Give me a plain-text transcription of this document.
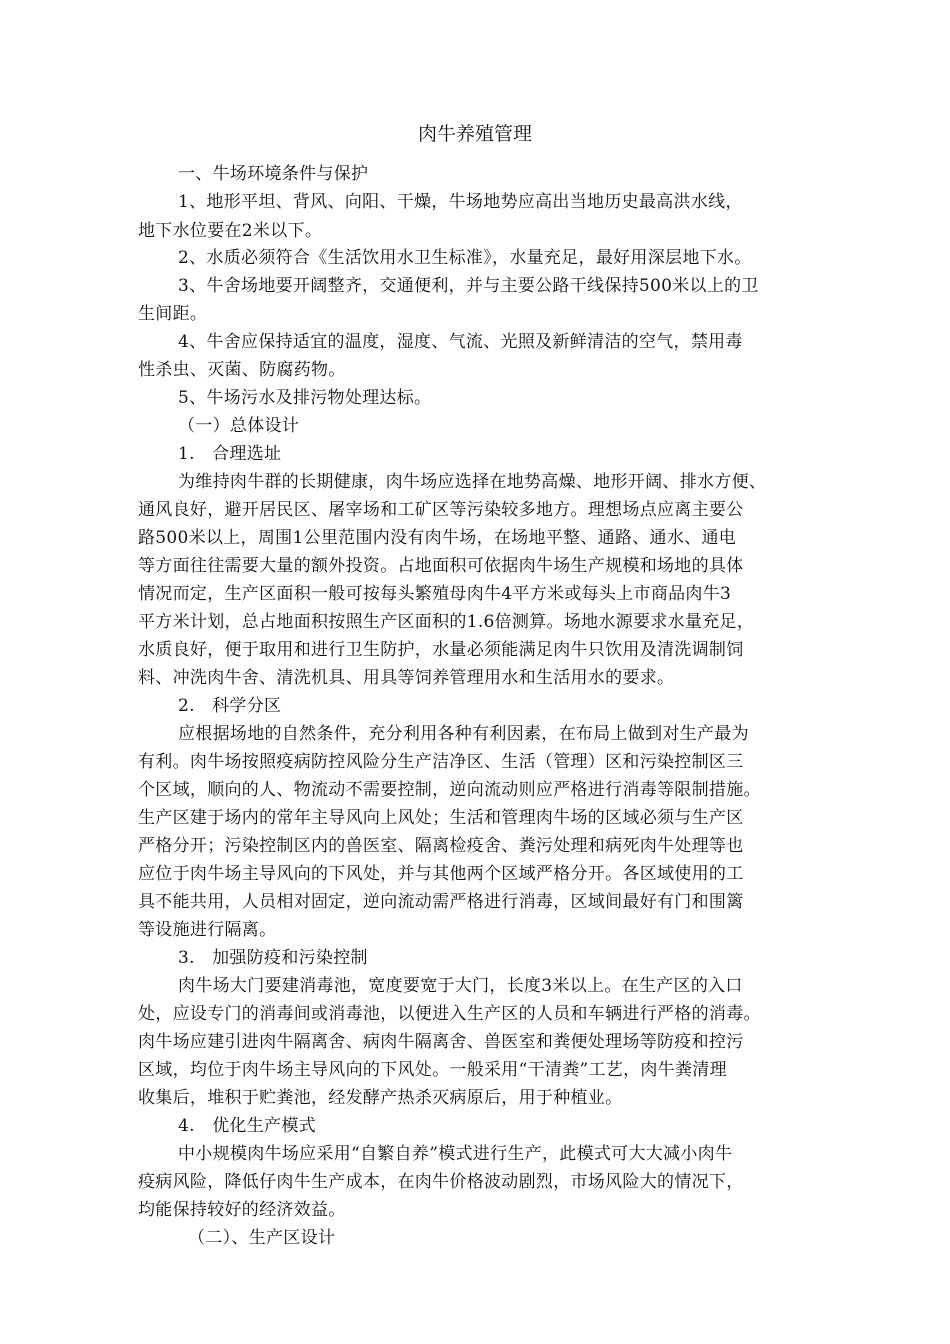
肉牛养殖管理
一、牛场环境条件与保护
1、地形平坦、背风、向阳、干燥，牛场地势应高出当地历史最高洪水线，
地下水位要在2米以下。
2、水质必须符合《生活饮用水卫生标准》，水量充足，最好用深层地下水。
3、牛舍场地要开阔整齐，交通便利，并与主要公路干线保持500米以上的卫
生间距。
4、牛舍应保持适宜的温度，湿度、气流、光照及新鲜清洁的空气，禁用毒
性杀虫、灭菌、防腐药物。
5、牛场污水及排污物处理达标。
（一）总体设计
1.　合理选址
为维持肉牛群的长期健康，肉牛场应选择在地势高燥、地形开阔、排水方便、
通风良好，避开居民区、屠宰场和工矿区等污染较多地方。理想场点应离主要公
路500米以上，周围1公里范围内没有肉牛场，在场地平整、通路、通水、通电
等方面往往需要大量的额外投资。占地面积可依据肉牛场生产规模和场地的具体
情况而定，生产区面积一般可按每头繁殖母肉牛4平方米或每头上市商品肉牛3
平方米计划，总占地面积按照生产区面积的1.6倍测算。场地水源要求水量充足，
水质良好，便于取用和进行卫生防护，水量必须能满足肉牛只饮用及清洗调制饲
料、冲洗肉牛舍、清洗机具、用具等饲养管理用水和生活用水的要求。
2.　科学分区
应根据场地的自然条件，充分利用各种有利因素，在布局上做到对生产最为
有利。肉牛场按照疫病防控风险分生产洁净区、生活（管理）区和污染控制区三
个区域，顺向的人、物流动不需要控制，逆向流动则应严格进行消毒等限制措施。
生产区建于场内的常年主导风向上风处；生活和管理肉牛场的区域必须与生产区
严格分开；污染控制区内的兽医室、隔离检疫舍、粪污处理和病死肉牛处理等也
应位于肉牛场主导风向的下风处，并与其他两个区域严格分开。各区域使用的工
具不能共用，人员相对固定，逆向流动需严格进行消毒，区域间最好有门和围篱
等设施进行隔离。
3.　加强防疫和污染控制
肉牛场大门要建消毒池，宽度要宽于大门，长度3米以上。在生产区的入口
处，应设专门的消毒间或消毒池，以便进入生产区的人员和车辆进行严格的消毒。
肉牛场应建引进肉牛隔离舍、病肉牛隔离舍、兽医室和粪便处理场等防疫和控污
区域，均位于肉牛场主导风向的下风处。一般采用“干清粪”工艺，肉牛粪清理
收集后，堆积于贮粪池，经发酵产热杀灭病原后，用于种植业。
4.　优化生产模式
中小规模肉牛场应采用“自繁自养”模式进行生产，此模式可大大减小肉牛
疫病风险，降低仔肉牛生产成本，在肉牛价格波动剧烈，市场风险大的情况下，
均能保持较好的经济效益。
（二）、生产区设计
